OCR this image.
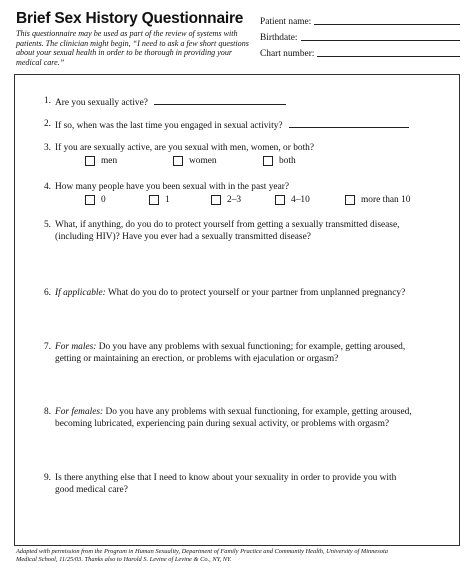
Brief Sex History Questionnaire
This questionnaire may be used as part of the review of systems with patients. The clinician might begin, “I need to ask a few short questions about your sexual health in order to be thorough in providing your medical care.”
Patient name:
Birthdate:
Chart number:
1. Are you sexually active?
2. If so, when was the last time you engaged in sexual activity?
3. If you are sexually active, are you sexual with men, women, or both?
men	women	both
4. How many people have you been sexual with in the past year?
0	1	2–3	4–10	more than 10
5. What, if anything, do you do to protect yourself from getting a sexually transmitted disease,
(including HIV)? Have you ever had a sexually transmitted disease?
6. If applicable: What do you do to protect yourself or your partner from unplanned pregnancy?
7. For males: Do you have any problems with sexual functioning; for example, getting aroused,
getting or maintaining an erection, or problems with ejaculation or orgasm?
8. For females: Do you have any problems with sexual functioning, for example, getting aroused,
becoming lubricated, experiencing pain during sexual activity, or problems with orgasm?
9. Is there anything else that I need to know about your sexuality in order to provide you with
good medical care?
Adapted with permission from the Program in Human Sexuality, Department of Family Practice and Community Health, University of Minnesota
Medical School, 11/25/03. Thanks also to Harold S. Levine of Levine & Co., NY, NY.
